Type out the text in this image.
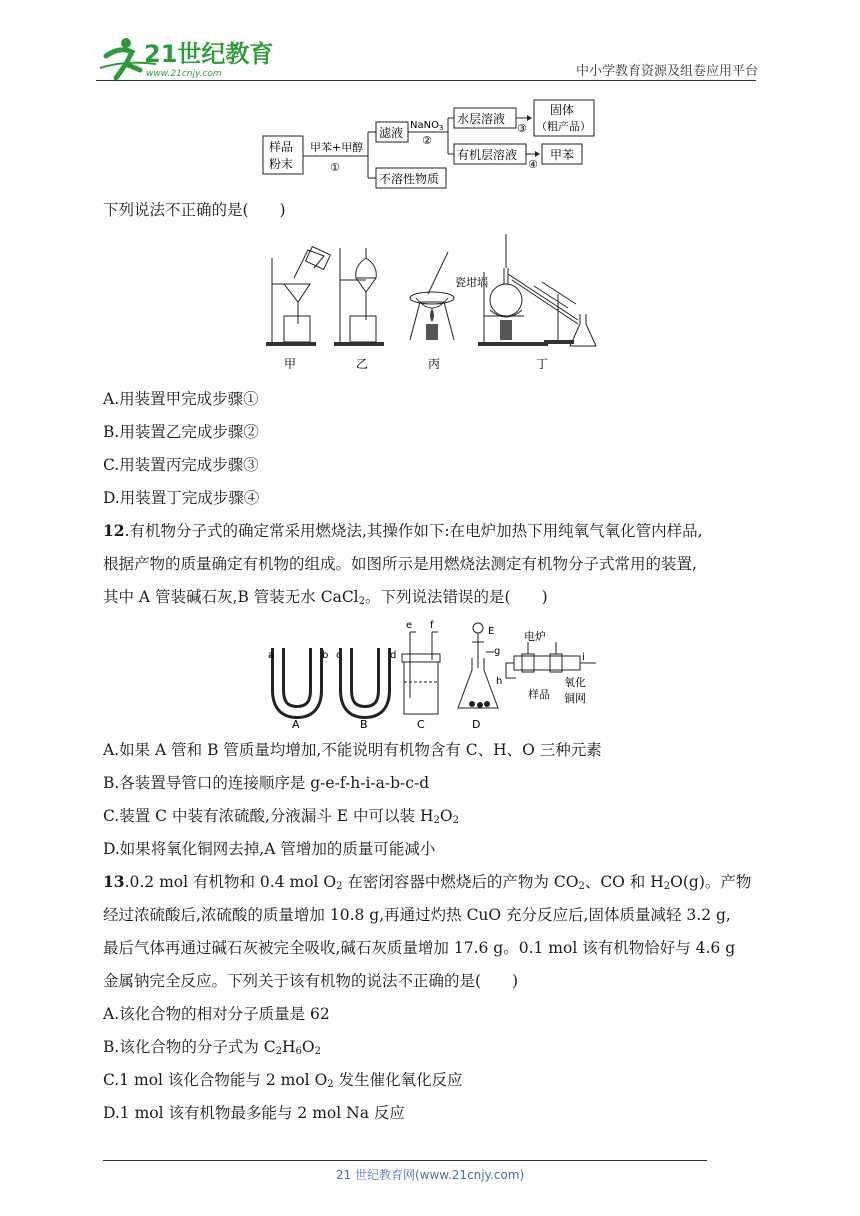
21世纪教育
www.21cnjy.com	中小学教育资源及组卷应用平台
样品
粉末
甲苯+甲醇
①
滤液
不溶性物质
NaNO 3
②
水层溶液
有机层溶液
③
④
固体
（粗产品）
甲苯
下列说法不正确的是(　　)
瓷坩埚
甲	乙	丙	丁
A.用装置甲完成步骤①
B.用装置乙完成步骤②
C.用装置丙完成步骤③
D.用装置丁完成步骤④
12.有机物分子式的确定常采用燃烧法,其操作如下:在电炉加热下用纯氧气氧化管内样品,
根据产物的质量确定有机物的组成。如图所示是用燃烧法测定有机物分子式常用的装置,
其中 A 管装碱石灰,B 管装无水 CaCl$_2$。下列说法错误的是(　　)
a	b
A
c	d
B
e f
C
E
g
D
电炉
h
i
样品
氧化
铜网
A.如果 A 管和 B 管质量均增加,不能说明有机物含有 C、H、O 三种元素
B.各装置导管口的连接顺序是 g-e-f-h-i-a-b-c-d
C.装置 C 中装有浓硫酸,分液漏斗 E 中可以装 $H_2O_2$
D.如果将氧化铜网去掉,A 管增加的质量可能减小
13.0.2 mol 有机物和 0.4 mol $O_2$ 在密闭容器中燃烧后的产物为 $CO_2$、CO 和 $H_2O(g)$。产物
经过浓硫酸后,浓硫酸的质量增加 10.8 g,再通过灼热 CuO 充分反应后,固体质量减轻 3.2 g,
最后气体再通过碱石灰被完全吸收,碱石灰质量增加 17.6 g。0.1 mol 该有机物恰好与 4.6 g
金属钠完全反应。下列关于该有机物的说法不正确的是(　　)
A.该化合物的相对分子质量是 62
B.该化合物的分子式为 $C_2H_6O_2$
C.1 mol 该化合物能与 2 mol $O_2$ 发生催化氧化反应
D.1 mol 该有机物最多能与 2 mol Na 反应
21 世纪教育网(www.21cnjy.com)
